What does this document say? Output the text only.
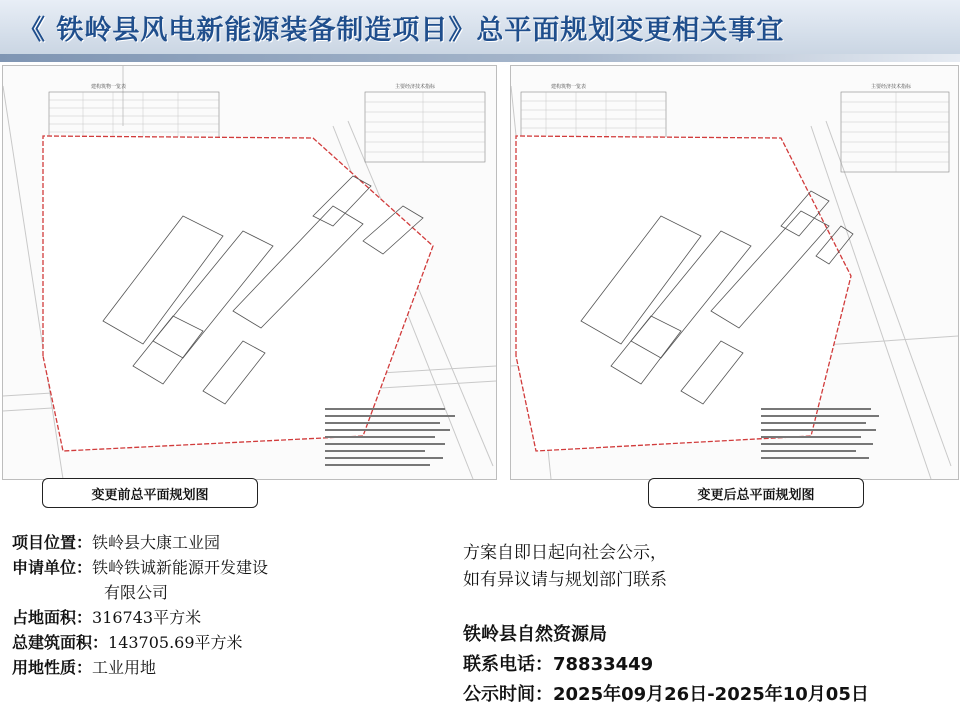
《 铁岭县风电新能源装备制造项目》总平面规划变更相关事宜
建构筑物一览表	主要经济技术指标
变更前总平面规划图
建构筑物一览表	主要经济技术指标
变更后总平面规划图
项目位置：铁岭县大康工业园
申请单位：铁岭铁诚新能源开发建设
有限公司
占地面积：316743平方米
总建筑面积：143705.69平方米
用地性质：工业用地
方案自即日起向社会公示，
如有异议请与规划部门联系
铁岭县自然资源局
联系电话：78833449
公示时间：2025年09月26日-2025年10月05日
